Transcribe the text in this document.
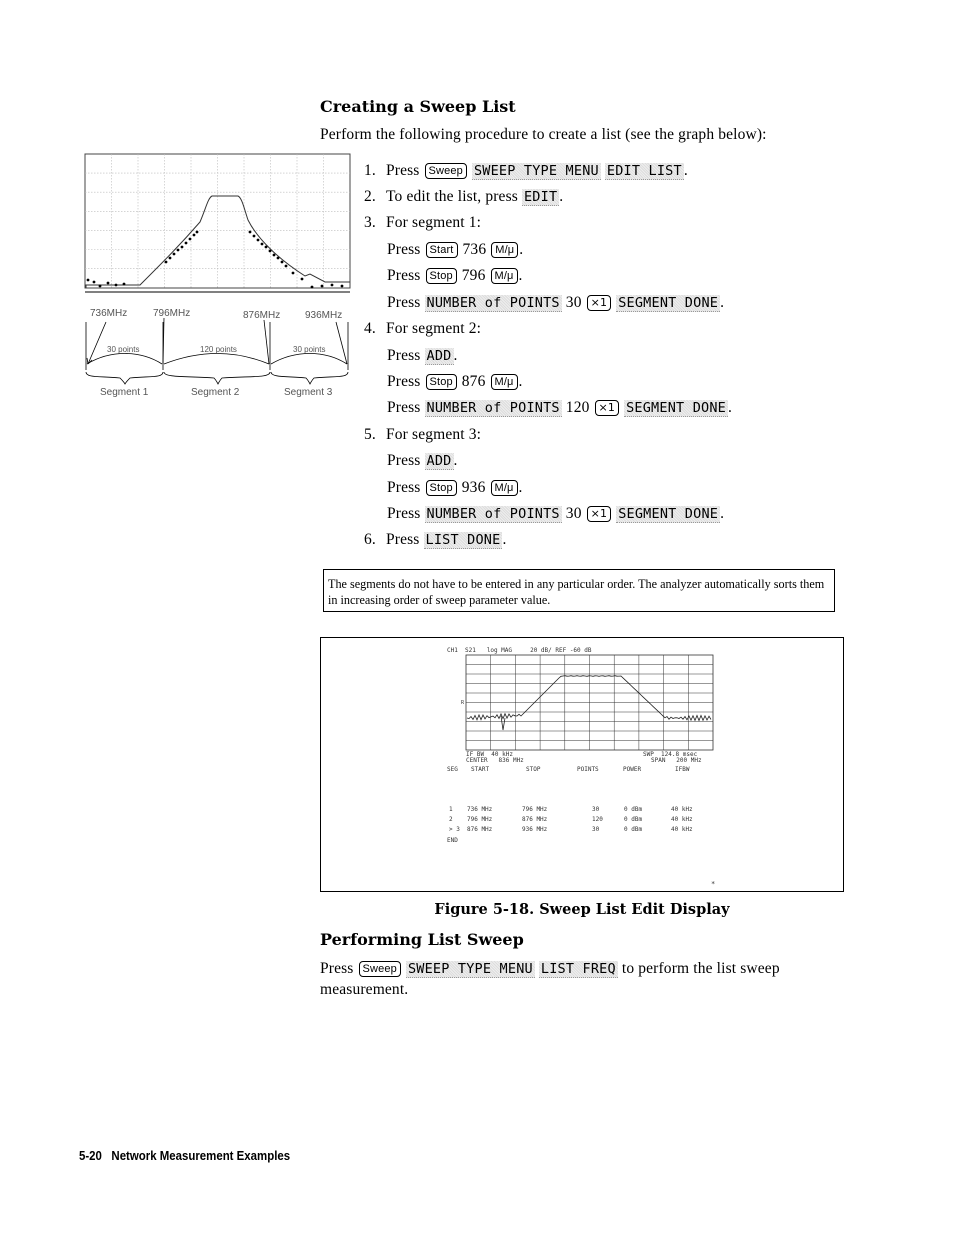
Creating a Sweep List
Perform the following procedure to create a list (see the graph below):
736MHz	796MHz	876MHz 936MHz
30 points	120 points	30 points
Segment 1	Segment 2	Segment 3
1. Press Sweep SWEEP TYPE MENU EDIT LIST .
2. To edit the list, press EDIT .
3. For segment 1:
Press Start 736 M/μ .
Press Stop 796 M/μ .
Press NUMBER of POINTS 30 ×1 SEGMENT DONE .
4. For segment 2:
Press ADD .
Press Stop 876 M/μ .
Press NUMBER of POINTS 120 ×1 SEGMENT DONE .
5. For segment 3:
Press ADD .
Press Stop 936 M/μ .
Press NUMBER of POINTS 30 ×1 SEGMENT DONE .
6. Press LIST DONE .
The segments do not have to be entered in any particular order. The analyzer automatically sorts them in increasing order of sweep parameter value.
CH1  S21   log MAG     20 dB/ REF -60 dB
R
IF BW  40 kHz	SWP  124.8 msec
CENTER   836 MHz	SPAN   200 MHz
SEG START	STOP	POINTS	POWER	IFBW
1 736 MHz	796 MHz	30	0 dBm	40 kHz
2 796 MHz	876 MHz	120	0 dBm	40 kHz
> 3 876 MHz	936 MHz	30	0 dBm	40 kHz
END
*
Figure 5-18. Sweep List Edit Display
Performing List Sweep
Press Sweep SWEEP TYPE MENU LIST FREQ to perform the list sweep
measurement.
5-20   Network Measurement Examples
